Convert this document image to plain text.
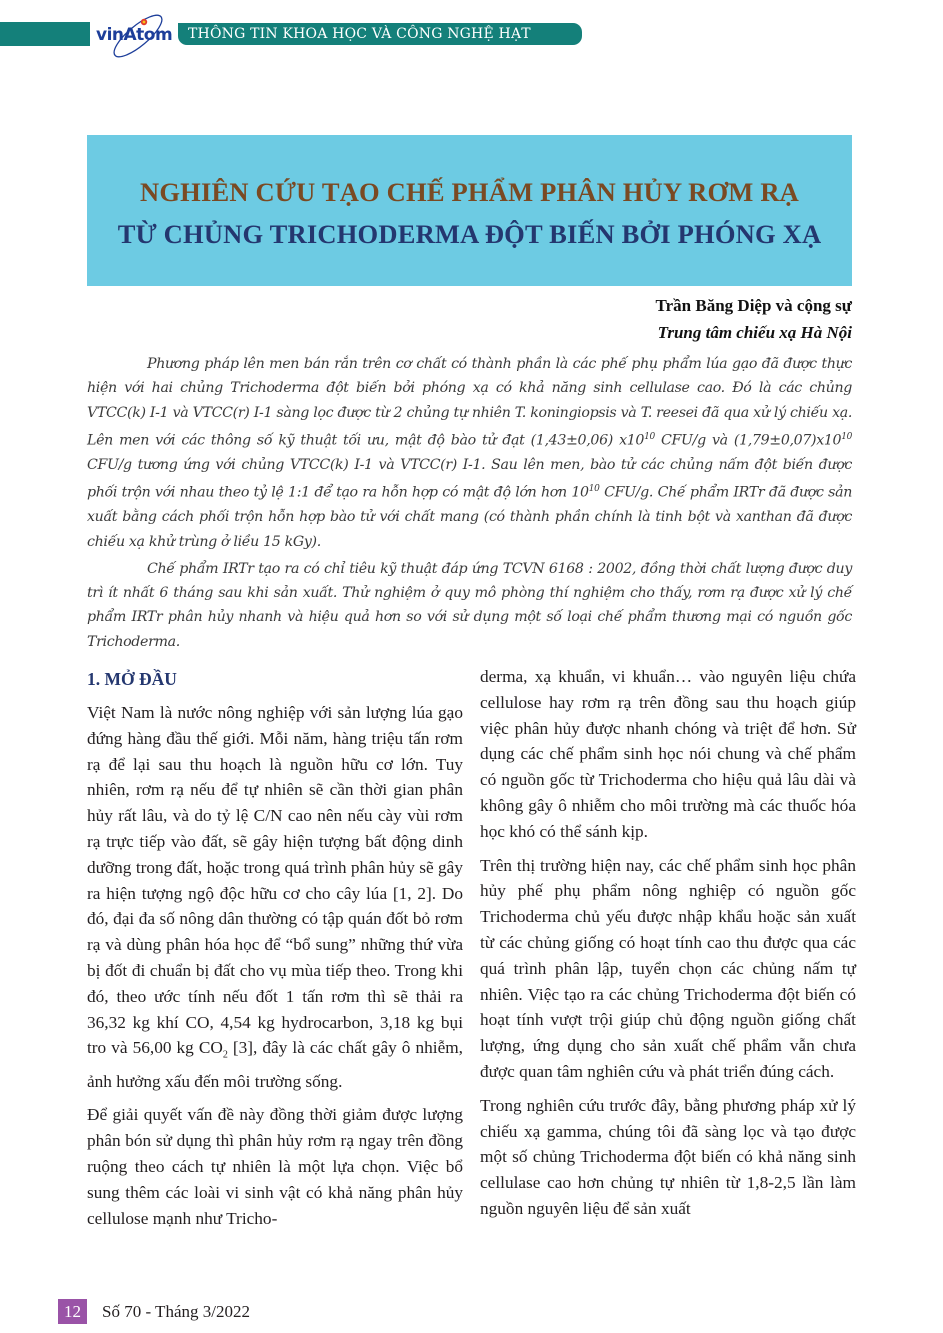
vinAtom	THÔNG TIN KHOA HỌC VÀ CÔNG NGHỆ HẠT NHÂN
NGHIÊN CỨU TẠO CHẾ PHẨM PHÂN HỦY RƠM RẠ
TỪ CHỦNG TRICHODERMA ĐỘT BIẾN BỞI PHÓNG XẠ
Trần Băng Diệp và cộng sự
Trung tâm chiếu xạ Hà Nội

Phương pháp lên men bán rắn trên cơ chất có thành phần là các phế phụ phẩm lúa gạo đã được thực hiện với hai chủng Trichoderma đột biến bởi phóng xạ có khả năng sinh cellulase cao. Đó là các chủng VTCC(k) I-1 và VTCC(r) I-1 sàng lọc được từ 2 chủng tự nhiên T. koningiopsis và T. reesei đã qua xử lý chiếu xạ. Lên men với các thông số kỹ thuật tối ưu, mật độ bào tử đạt (1,43±0,06) $x10^{10}$ CFU/g và $(1,79\pm 0,07)x10^{10}$ CFU/g tương ứng với chủng VTCC(k) I-1 và VTCC(r) I-1. Sau lên men, bào tử các chủng nấm đột biến được phối trộn với nhau theo tỷ lệ 1:1 để tạo ra hỗn hợp có mật độ lớn hơn $10^{10}$ CFU/g. Chế phẩm IRTr đã được sản xuất bằng cách phối trộn hỗn hợp bào tử với chất mang (có thành phần chính là tinh bột và xanthan đã được chiếu xạ khử trùng ở liều 15 kGy).

Chế phẩm IRTr tạo ra có chỉ tiêu kỹ thuật đáp ứng TCVN 6168 : 2002, đồng thời chất lượng được duy trì ít nhất 6 tháng sau khi sản xuất. Thử nghiệm ở quy mô phòng thí nghiệm cho thấy, rơm rạ được xử lý chế phẩm IRTr phân hủy nhanh và hiệu quả hơn so với sử dụng một số loại chế phẩm thương mại có nguồn gốc Trichoderma.

1. MỞ ĐẦU

Việt Nam là nước nông nghiệp với sản lượng lúa gạo đứng hàng đầu thế giới. Mỗi năm, hàng triệu tấn rơm rạ để lại sau thu hoạch là nguồn hữu cơ lớn. Tuy nhiên, rơm rạ nếu để tự nhiên sẽ cần thời gian phân hủy rất lâu, và do tỷ lệ C/N cao nên nếu cày vùi rơm rạ trực tiếp vào đất, sẽ gây hiện tượng bất động dinh dưỡng trong đất, hoặc trong quá trình phân hủy sẽ gây ra hiện tượng ngộ độc hữu cơ cho cây lúa [1, 2]. Do đó, đại đa số nông dân thường có tập quán đốt bỏ rơm rạ và dùng phân hóa học để “bổ sung” những thứ vừa bị đốt đi chuẩn bị đất cho vụ mùa tiếp theo. Trong khi đó, theo ước tính nếu đốt 1 tấn rơm thì sẽ thải ra 36,32 kg khí CO, 4,54 kg hydrocarbon, 3,18 kg bụi tro và 56,00 kg $CO_2$ [3], đây là các chất gây ô nhiễm, ảnh hưởng xấu đến môi trường sống.

Để giải quyết vấn đề này đồng thời giảm được lượng phân bón sử dụng thì phân hủy rơm rạ ngay trên đồng ruộng theo cách tự nhiên là một lựa chọn. Việc bổ sung thêm các loài vi sinh vật có khả năng phân hủy cellulose mạnh như Tricho-

derma, xạ khuẩn, vi khuẩn… vào nguyên liệu chứa cellulose hay rơm rạ trên đồng sau thu hoạch giúp việc phân hủy được nhanh chóng và triệt để hơn. Sử dụng các chế phẩm sinh học nói chung và chế phẩm có nguồn gốc từ Trichoderma cho hiệu quả lâu dài và không gây ô nhiễm cho môi trường mà các thuốc hóa học khó có thể sánh kịp.

Trên thị trường hiện nay, các chế phẩm sinh học phân hủy phế phụ phẩm nông nghiệp có nguồn gốc Trichoderma chủ yếu được nhập khẩu hoặc sản xuất từ các chủng giống có hoạt tính cao thu được qua các quá trình phân lập, tuyển chọn các chủng nấm tự nhiên. Việc tạo ra các chủng Trichoderma đột biến có hoạt tính vượt trội giúp chủ động nguồn giống chất lượng, ứng dụng cho sản xuất chế phẩm vẫn chưa được quan tâm nghiên cứu và phát triển đúng cách.

Trong nghiên cứu trước đây, bằng phương pháp xử lý chiếu xạ gamma, chúng tôi đã sàng lọc và tạo được một số chủng Trichoderma đột biến có khả năng sinh cellulase cao hơn chủng tự nhiên từ 1,8-2,5 lần làm nguồn nguyên liệu để sản xuất

12	Số 70 - Tháng 3/2022
